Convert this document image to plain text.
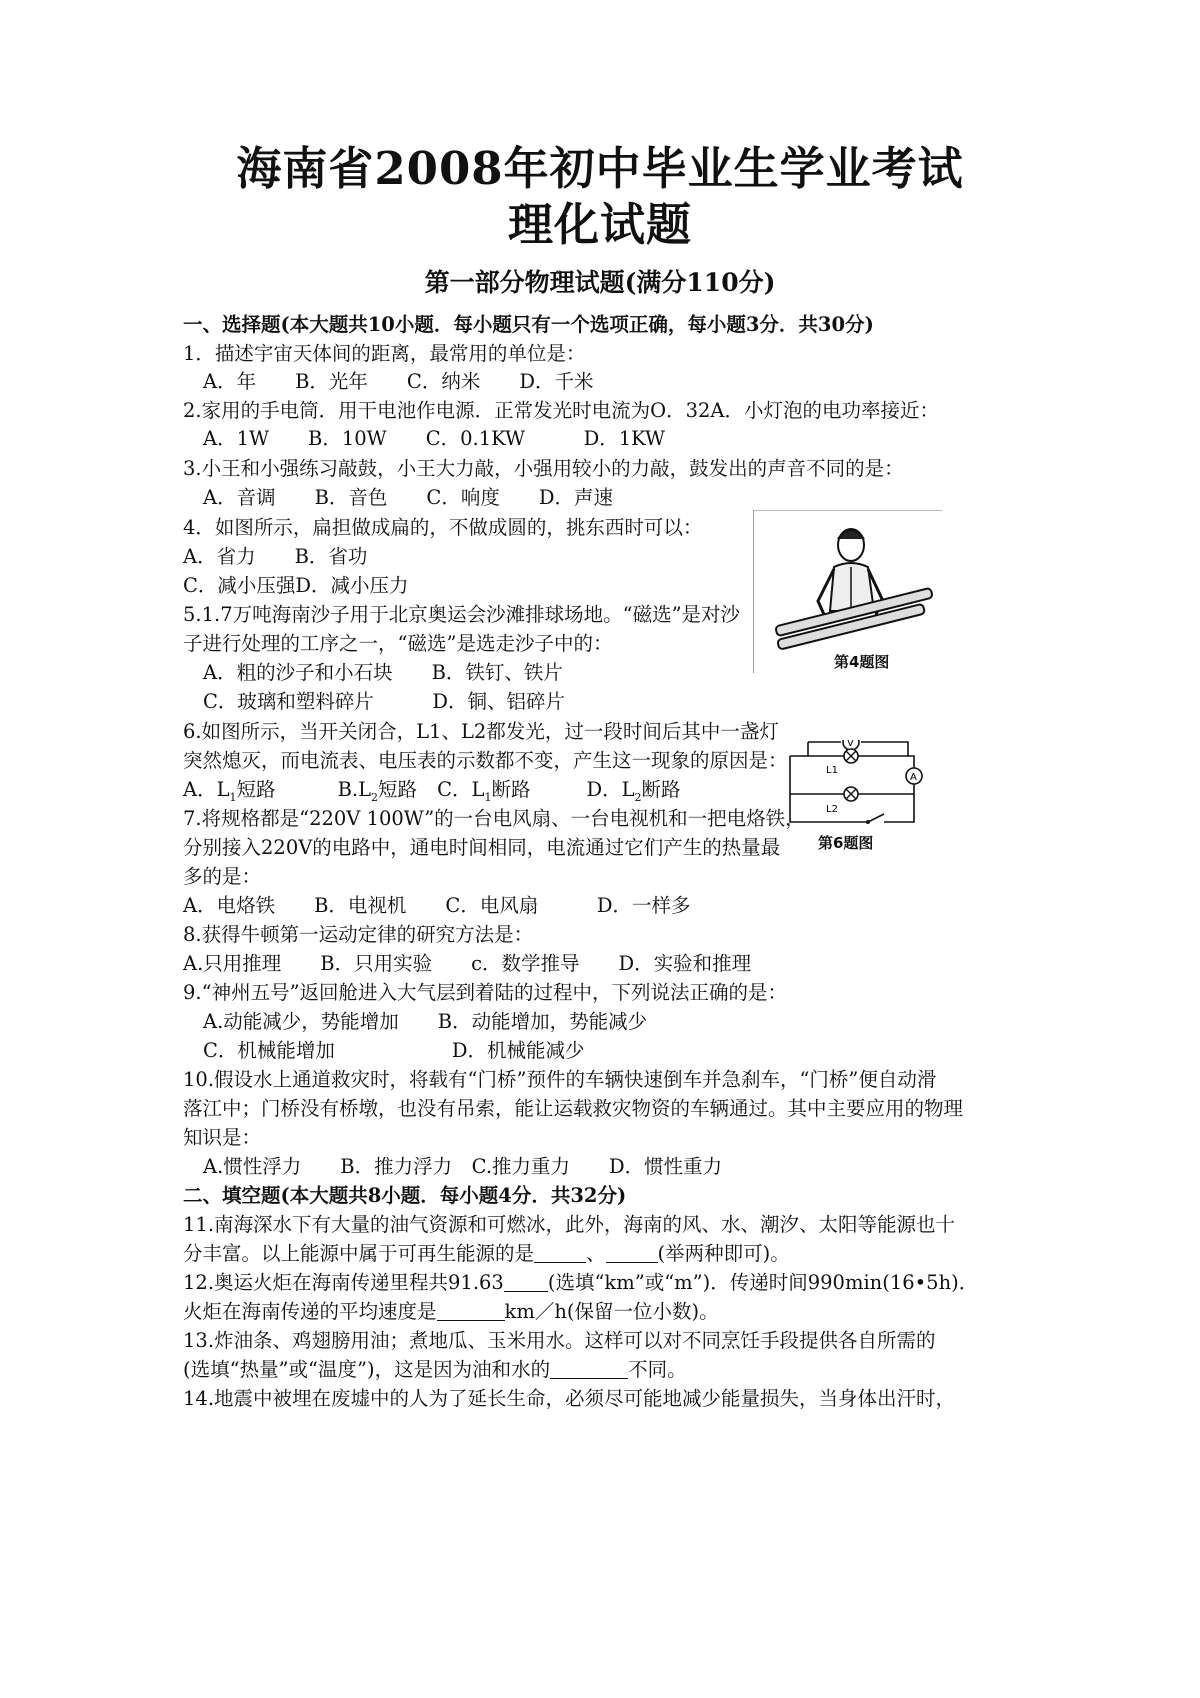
海南省2008年初中毕业生学业考试
理化试题
第一部分物理试题(满分110分)
一、选择题(本大题共10小题．每小题只有一个选项正确，每小题3分．共30分)
1．描述宇宙天体间的距离，最常用的单位是：
A．年　　B．光年　　C．纳米　　D．千米
2.家用的手电筒．用干电池作电源．正常发光时电流为O．32A．小灯泡的电功率接近：
A．1W　　B．10W　　C．0.1KW　　　D．1KW
3.小王和小强练习敲鼓，小王大力敲，小强用较小的力敲，鼓发出的声音不同的是：
A．音调　　B．音色　　C．响度　　D．声速
4．如图所示，扁担做成扁的，不做成圆的，挑东西时可以：
A．省力　　B．省功
C．减小压强D．减小压力
5.1.7万吨海南沙子用于北京奥运会沙滩排球场地。“磁选”是对沙
子进行处理的工序之一，“磁选”是选走沙子中的：
A．粗的沙子和小石块　　B．铁钉、铁片
C．玻璃和塑料碎片　　　D．铜、铝碎片
6.如图所示，当开关闭合，L1、L2都发光，过一段时间后其中一盏灯
突然熄灭，而电流表、电压表的示数都不变，产生这一现象的原因是：
A．$L_1$短路	$B.L_2$短路 C．$L_1$断路	D．$L_2$断路
7.将规格都是“220V 100W”的一台电风扇、一台电视机和一把电烙铁，
分别接入220V的电路中，通电时间相同，电流通过它们产生的热量最
多的是：
A．电烙铁　　B．电视机　　C．电风扇　　　D．一样多
8.获得牛顿第一运动定律的研究方法是：
A.只用推理　　B．只用实验　　c．数学推导　　D．实验和推理
9.“神州五号”返回舱进入大气层到着陆的过程中，下列说法正确的是：
A.动能减少，势能增加　　B．动能增加，势能减少
C．机械能增加　　　　　　D．机械能减少
10.假设水上通道救灾时，将载有“门桥”预件的车辆快速倒车并急刹车，“门桥”便自动滑
落江中；门桥没有桥墩，也没有吊索，能让运载救灾物资的车辆通过。其中主要应用的物理
知识是：
A.惯性浮力　　B．推力浮力　C.推力重力　　D．惯性重力
二、填空题(本大题共8小题．每小题4分．共32分)
11.南海深水下有大量的油气资源和可燃冰，此外，海南的风、水、潮汐、太阳等能源也十
分丰富。以上能源中属于可再生能源的是	、	(举两种即可)。
12.奥运火炬在海南传递里程共91.63 (选填“km”或“m”)．传递时间990min(16•5h)．
火炬在海南传递的平均速度是	km／h(保留一位小数)。
13.炸油条、鸡翅膀用油；煮地瓜、玉米用水。这样可以对不同烹饪手段提供各自所需的
(选填“热量”或“温度”)，这是因为油和水的	不同。
14.地震中被埋在废墟中的人为了延长生命，必须尽可能地减少能量损失，当身体出汗时，
第4题图
V
L1
L2
A
第6题图
